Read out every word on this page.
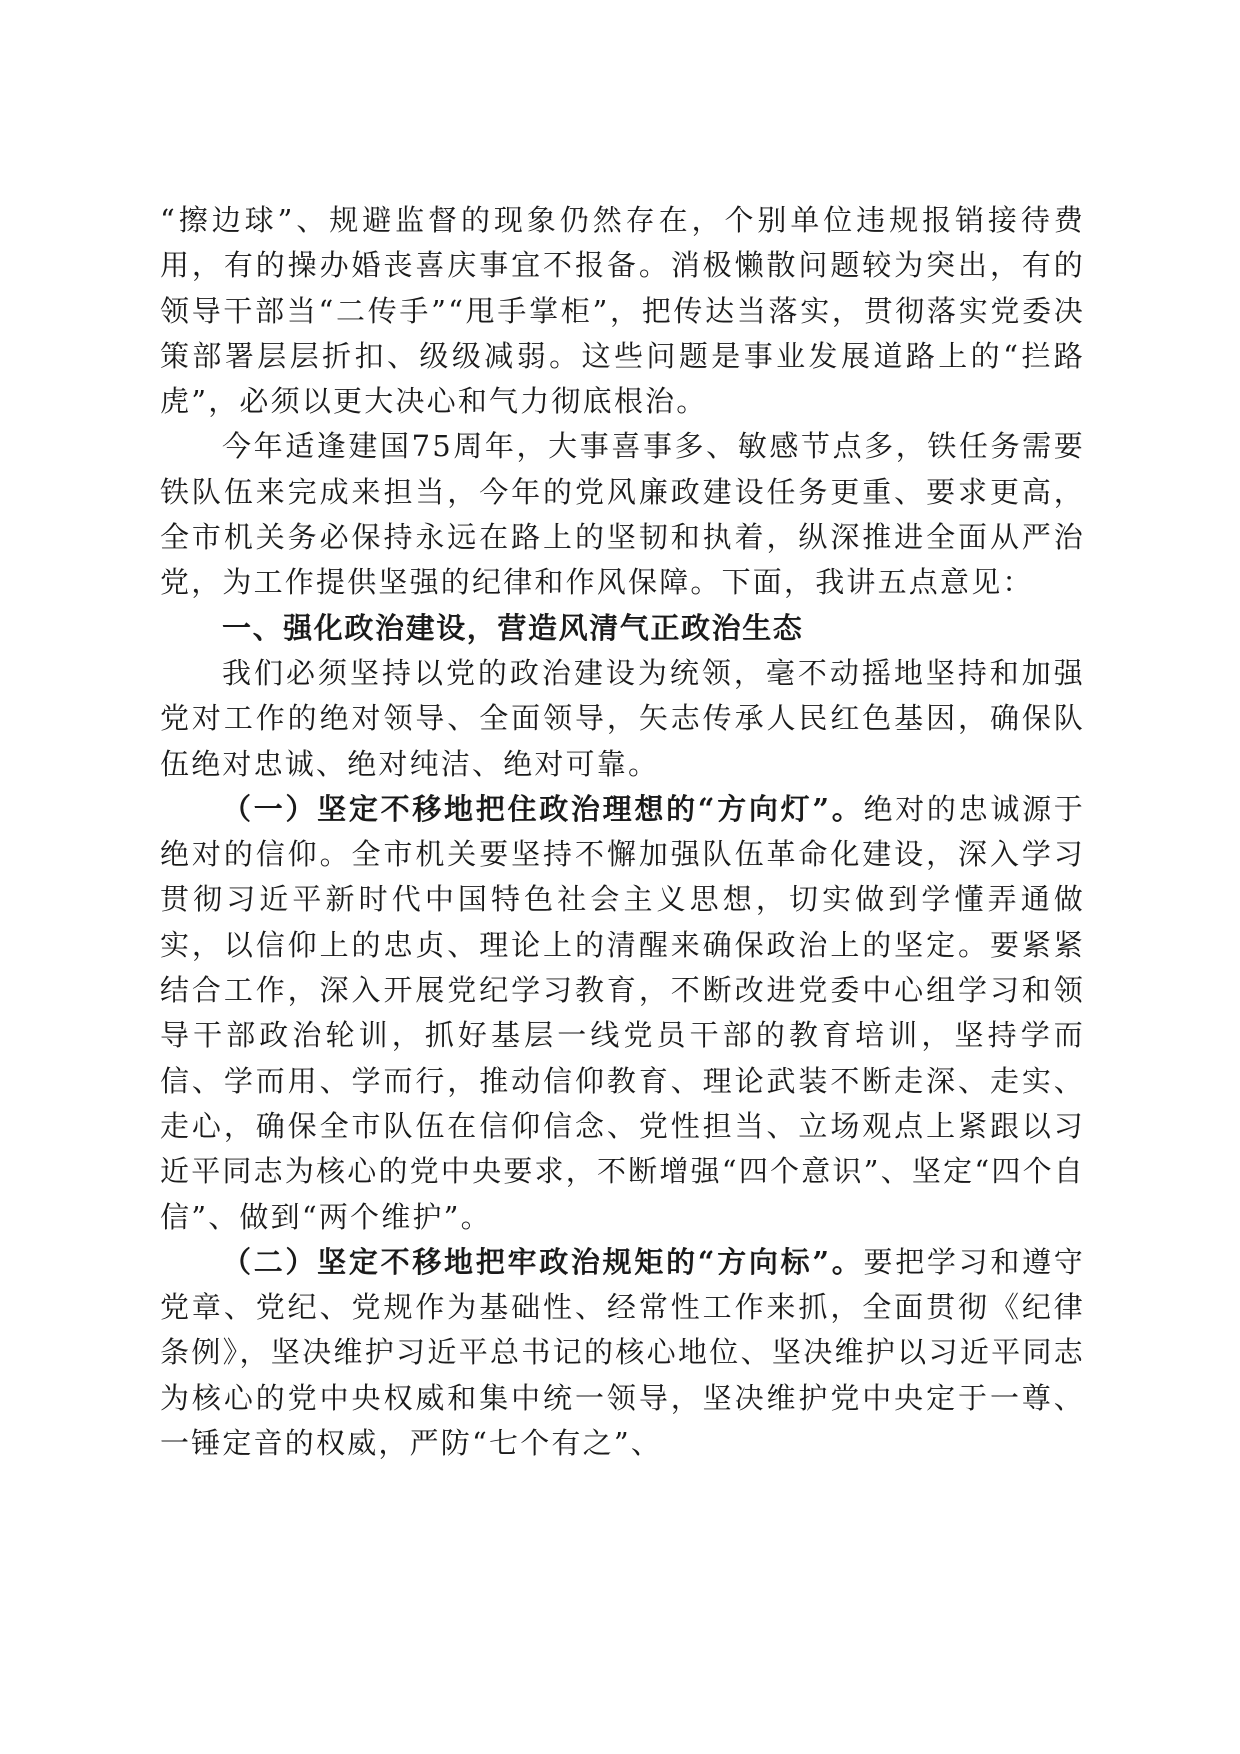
“擦边球”、规避监督的现象仍然存在，个别单位违规报销接待费用，有的操办婚丧喜庆事宜不报备。消极懒散问题较为突出，有的领导干部当“二传手”“甩手掌柜”，把传达当落实，贯彻落实党委决策部署层层折扣、级级减弱。这些问题是事业发展道路上的“拦路虎”，必须以更大决心和气力彻底根治。

今年适逢建国75周年，大事喜事多、敏感节点多，铁任务需要铁队伍来完成来担当，今年的党风廉政建设任务更重、要求更高，全市机关务必保持永远在路上的坚韧和执着，纵深推进全面从严治党，为工作提供坚强的纪律和作风保障。下面，我讲五点意见：

一、强化政治建设，营造风清气正政治生态

我们必须坚持以党的政治建设为统领，毫不动摇地坚持和加强党对工作的绝对领导、全面领导，矢志传承人民红色基因，确保队伍绝对忠诚、绝对纯洁、绝对可靠。

（一）坚定不移地把住政治理想的“方向灯”。绝对的忠诚源于绝对的信仰。全市机关要坚持不懈加强队伍革命化建设，深入学习贯彻习近平新时代中国特色社会主义思想，切实做到学懂弄通做实，以信仰上的忠贞、理论上的清醒来确保政治上的坚定。要紧紧结合工作，深入开展党纪学习教育，不断改进党委中心组学习和领导干部政治轮训，抓好基层一线党员干部的教育培训，坚持学而信、学而用、学而行，推动信仰教育、理论武装不断走深、走实、走心，确保全市队伍在信仰信念、党性担当、立场观点上紧跟以习近平同志为核心的党中央要求，不断增强“四个意识”、坚定“四个自信”、做到“两个维护”。

（二）坚定不移地把牢政治规矩的“方向标”。要把学习和遵守党章、党纪、党规作为基础性、经常性工作来抓，全面贯彻《纪律条例》，坚决维护习近平总书记的核心地位、坚决维护以习近平同志为核心的党中央权威和集中统一领导，坚决维护党中央定于一尊、一锤定音的权威，严防“七个有之”、
